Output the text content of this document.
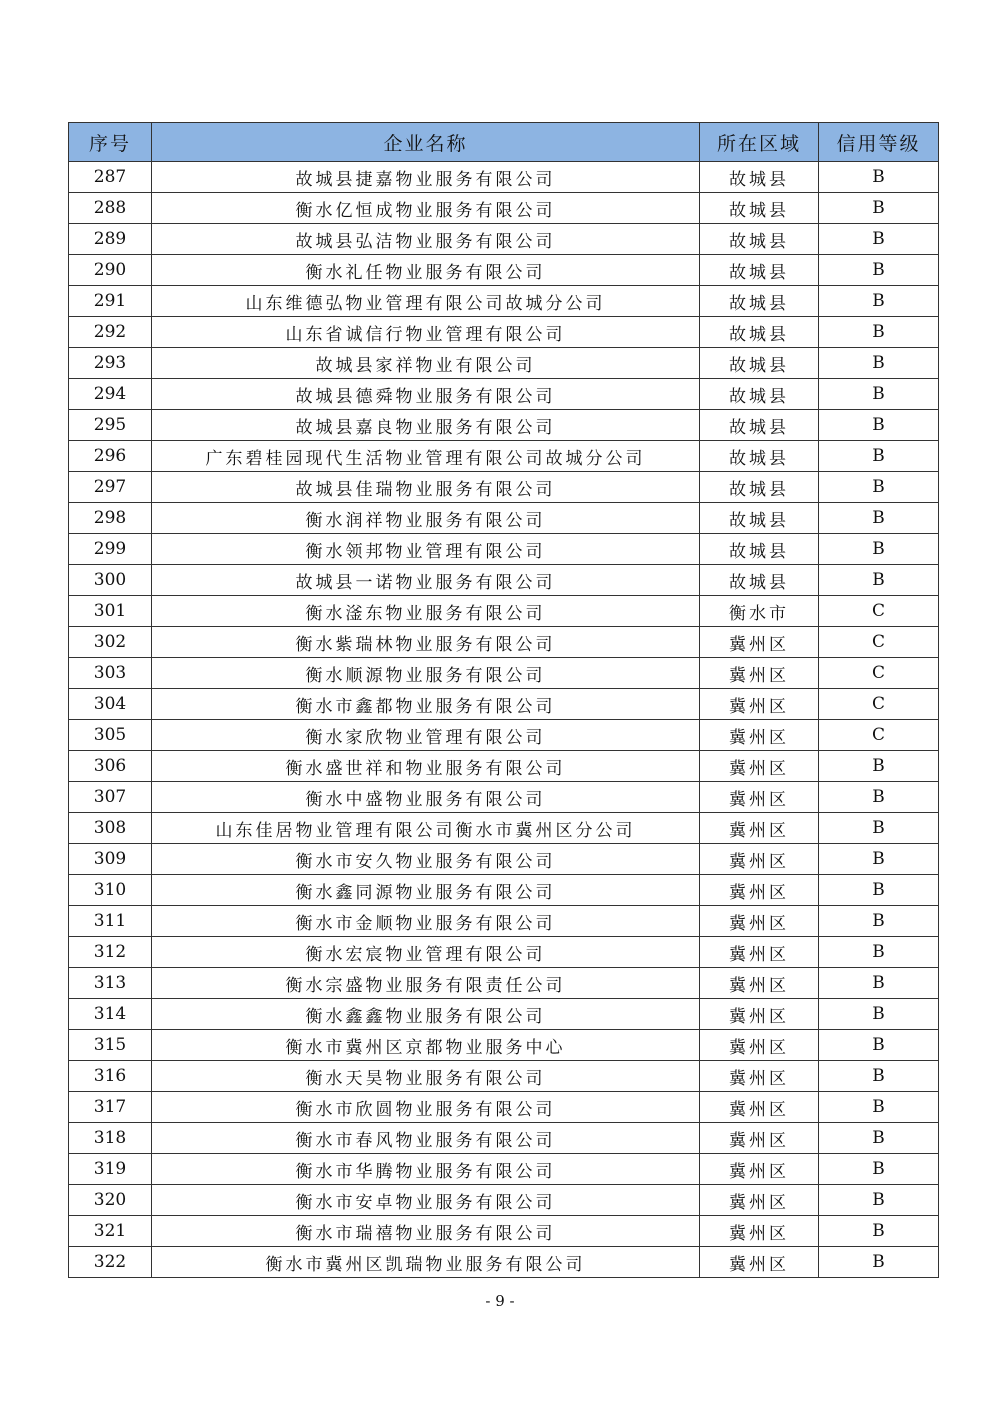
序号	企业名称	所在区域	信用等级
287	故城县捷嘉物业服务有限公司	故城县	B
288	衡水亿恒成物业服务有限公司	故城县	B
289	故城县弘洁物业服务有限公司	故城县	B
290	衡水礼任物业服务有限公司	故城县	B
291	山东维德弘物业管理有限公司故城分公司	故城县	B
292	山东省诚信行物业管理有限公司	故城县	B
293	故城县家祥物业有限公司	故城县	B
294	故城县德舜物业服务有限公司	故城县	B
295	故城县嘉良物业服务有限公司	故城县	B
296	广东碧桂园现代生活物业管理有限公司故城分公司	故城县	B
297	故城县佳瑞物业服务有限公司	故城县	B
298	衡水润祥物业服务有限公司	故城县	B
299	衡水领邦物业管理有限公司	故城县	B
300	故城县一诺物业服务有限公司	故城县	B
301	衡水滏东物业服务有限公司	衡水市	C
302	衡水紫瑞林物业服务有限公司	冀州区	C
303	衡水顺源物业服务有限公司	冀州区	C
304	衡水市鑫都物业服务有限公司	冀州区	C
305	衡水家欣物业管理有限公司	冀州区	C
306	衡水盛世祥和物业服务有限公司	冀州区	B
307	衡水中盛物业服务有限公司	冀州区	B
308	山东佳居物业管理有限公司衡水市冀州区分公司	冀州区	B
309	衡水市安久物业服务有限公司	冀州区	B
310	衡水鑫同源物业服务有限公司	冀州区	B
311	衡水市金顺物业服务有限公司	冀州区	B
312	衡水宏宸物业管理有限公司	冀州区	B
313	衡水宗盛物业服务有限责任公司	冀州区	B
314	衡水鑫鑫物业服务有限公司	冀州区	B
315	衡水市冀州区京都物业服务中心	冀州区	B
316	衡水天昊物业服务有限公司	冀州区	B
317	衡水市欣圆物业服务有限公司	冀州区	B
318	衡水市春风物业服务有限公司	冀州区	B
319	衡水市华腾物业服务有限公司	冀州区	B
320	衡水市安卓物业服务有限公司	冀州区	B
321	衡水市瑞禧物业服务有限公司	冀州区	B
322	衡水市冀州区凯瑞物业服务有限公司	冀州区	B
- 9 -
